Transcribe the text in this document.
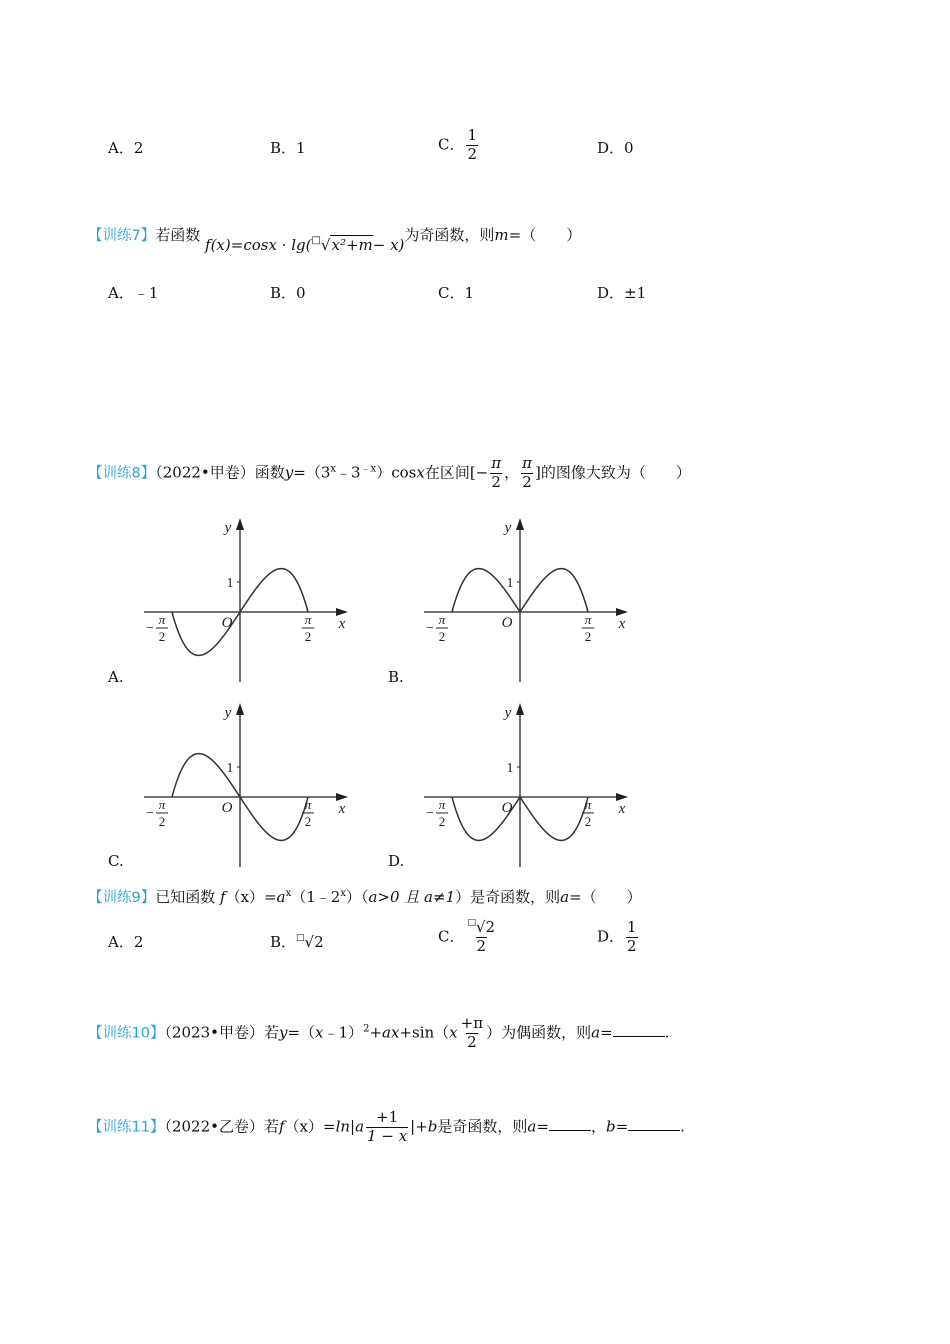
A．2	B．1	C． $\frac{1}{2}$	D．0
【训练7】若函数 f(x)=cosx · lg(□√x²+m− x)为奇函数，则m=（　　）
A．﹣1	B．0	C．1	D．±1
【训练8】（2022•甲卷）函数$y=(3^x﹣3^{﹣x})\cos x$在区间[− $\frac{\pi}{2}$ ， $\frac{\pi}{2}$ ]的图像大致为（　　）
y
x
O
1
−
π
2
π
2
y
x
O
1
−
π
2
π
2
y
x
O
1
−
π
2
π
2
y
x
O
1
−
π
2
π
2
A.	B.
C.	D.
【训练9】已知函数 $f(x)=a^x(1﹣2^x)(a>0$ 且 a≠1）是奇函数，则a=（　　）
A．2	B．□√2	C． $\frac{^□√2}{2}$	D． $\frac{1}{2}$
【训练10】（2023•甲卷）若y=（x﹣1）$^2$+ax+sin（x $\frac{+\pi}{2}$ ）为偶函数，则a=	.
【训练11】（2022•乙卷）若$f(x)=\ln|a \frac{+1}{1 - x} |+b$是奇函数，则a=	，b=	.
